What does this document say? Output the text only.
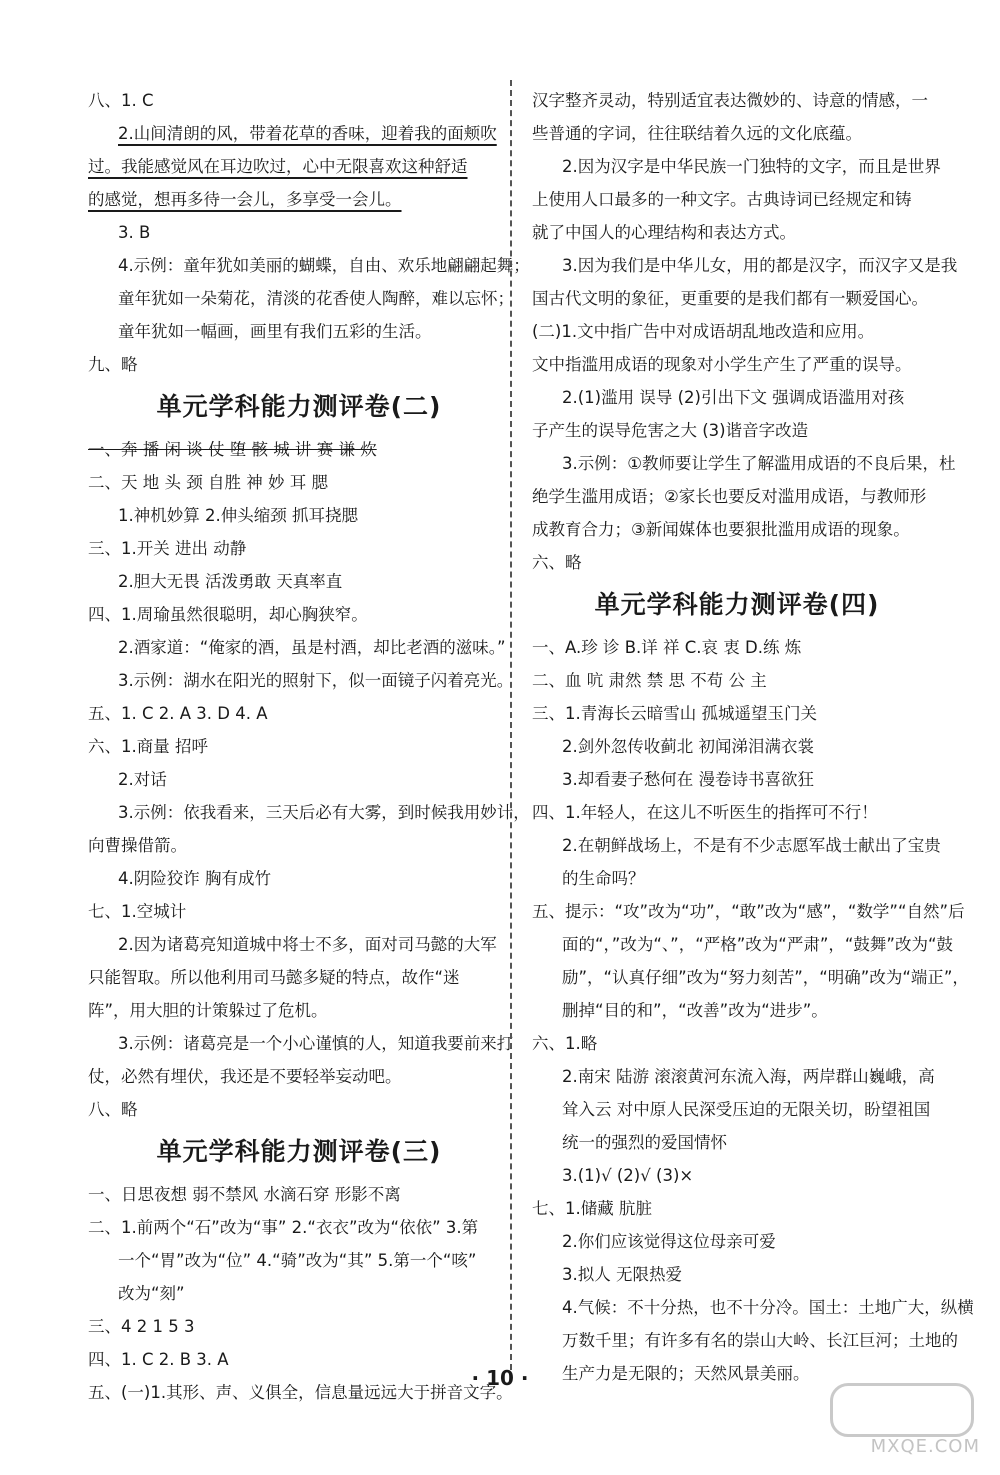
八、1. C
2.山间清朗的风，带着花草的香味，迎着我的面颊吹
过。我能感觉风在耳边吹过，心中无限喜欢这种舒适
的感觉，想再多待一会儿，多享受一会儿。
3. B
4.示例：童年犹如美丽的蝴蝶，自由、欢乐地翩翩起舞；
童年犹如一朵菊花，清淡的花香使人陶醉，难以忘怀；
童年犹如一幅画，画里有我们五彩的生活。
九、略
单元学科能力测评卷(二)
一、奔 播 闲 谈 仗 堕 骸 城 讲 赛 谦 炊
二、天 地 头 颈 自胜 神 妙 耳 腮
1.神机妙算 2.伸头缩颈 抓耳挠腮
三、1.开关 进出 动静
2.胆大无畏 活泼勇敢 天真率直
四、1.周瑜虽然很聪明，却心胸狭窄。
2.酒家道：“俺家的酒，虽是村酒，却比老酒的滋味。”
3.示例：湖水在阳光的照射下，似一面镜子闪着亮光。
五、1. C 2. A 3. D 4. A
六、1.商量 招呼
2.对话
3.示例：依我看来，三天后必有大雾，到时候我用妙计，
向曹操借箭。
4.阴险狡诈 胸有成竹
七、1.空城计
2.因为诸葛亮知道城中将士不多，面对司马懿的大军
只能智取。所以他利用司马懿多疑的特点，故作“迷
阵”，用大胆的计策躲过了危机。
3.示例：诸葛亮是一个小心谨慎的人，知道我要前来打
仗，必然有埋伏，我还是不要轻举妄动吧。
八、略
单元学科能力测评卷(三)
一、日思夜想 弱不禁风 水滴石穿 形影不离
二、1.前两个“石”改为“事” 2.“衣衣”改为“依依” 3.第
一个“胃”改为“位” 4.“骑”改为“其” 5.第一个“咳”
改为“刻”
三、4 2 1 5 3
四、1. C 2. B 3. A
五、(一)1.其形、声、义俱全，信息量远远大于拼音文字。
汉字整齐灵动，特别适宜表达微妙的、诗意的情感，一
些普通的字词，往往联结着久远的文化底蕴。
2.因为汉字是中华民族一门独特的文字，而且是世界
上使用人口最多的一种文字。古典诗词已经规定和铸
就了中国人的心理结构和表达方式。
3.因为我们是中华儿女，用的都是汉字，而汉字又是我
国古代文明的象征，更重要的是我们都有一颗爱国心。
(二)1.文中指广告中对成语胡乱地改造和应用。
文中指滥用成语的现象对小学生产生了严重的误导。
2.(1)滥用 误导 (2)引出下文 强调成语滥用对孩
子产生的误导危害之大 (3)谐音字改造
3.示例：①教师要让学生了解滥用成语的不良后果，杜
绝学生滥用成语；②家长也要反对滥用成语，与教师形
成教育合力；③新闻媒体也要狠批滥用成语的现象。
六、略
单元学科能力测评卷(四)
一、A.珍 诊 B.详 祥 C.哀 衷 D.练 炼
二、血 吭 肃然 禁 思 不苟 公 主
三、1.青海长云暗雪山 孤城遥望玉门关
2.剑外忽传收蓟北 初闻涕泪满衣裳
3.却看妻子愁何在 漫卷诗书喜欲狂
四、1.年轻人，在这儿不听医生的指挥可不行！
2.在朝鲜战场上，不是有不少志愿军战士献出了宝贵
的生命吗？
五、提示：“攻”改为“功”，“敢”改为“感”，“数学”“自然”后
面的“，”改为“、”，“严格”改为“严肃”，“鼓舞”改为“鼓
励”，“认真仔细”改为“努力刻苦”，“明确”改为“端正”，
删掉“目的和”，“改善”改为“进步”。
六、1.略
2.南宋 陆游 滚滚黄河东流入海，两岸群山巍峨，高
耸入云 对中原人民深受压迫的无限关切，盼望祖国
统一的强烈的爱国情怀
3.(1)√ (2)√ (3)×
七、1.储藏 肮脏
2.你们应该觉得这位母亲可爱
3.拟人 无限热爱
4.气候：不十分热，也不十分冷。国土：土地广大，纵横
万数千里；有许多有名的崇山大岭、长江巨河；土地的
生产力是无限的；天然风景美丽。
· 10 ·
MXQE.COM
